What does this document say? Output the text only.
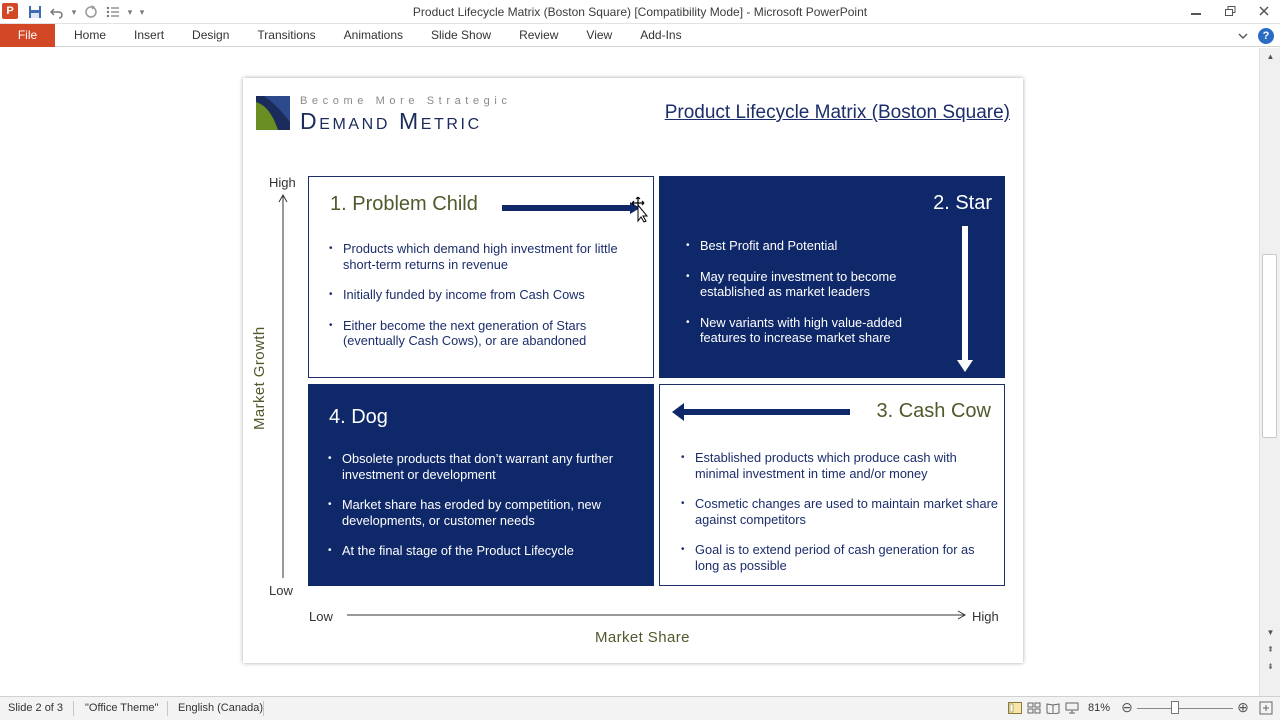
P	▾	▾ ▾	Product Lifecycle Matrix (Boston Square) [Compatibility Mode] - Microsoft PowerPoint
File	Home	Insert	Design	Transitions	Animations	Slide Show	Review	View	Add-Ins	?
▲
▼
⇞
⇟
Become More Strategic
Demand Metric	Product Lifecycle Matrix (Boston Square)
High
Low
Market Growth
Low	High
Market Share
1. Problem Child
• Products which demand high investment for little short-term returns in revenue
• Initially funded by income from Cash Cows
• Either become the next generation of Stars (eventually Cash Cows), or are abandoned
2. Star
• Best Profit and Potential
• May require investment to become established as market leaders
• New variants with high value-added features to increase market share
4. Dog
• Obsolete products that don’t warrant any further investment or development
• Market share has eroded by competition, new developments, or customer needs
• At the final stage of the Product Lifecycle
3. Cash Cow
• Established products which produce cash with minimal investment in time and/or money
• Cosmetic changes are used to maintain market share against competitors
• Goal is to extend period of cash generation for as long as possible
Slide 2 of 3 "Office Theme" English (Canada)	81% ⊖	⊕
